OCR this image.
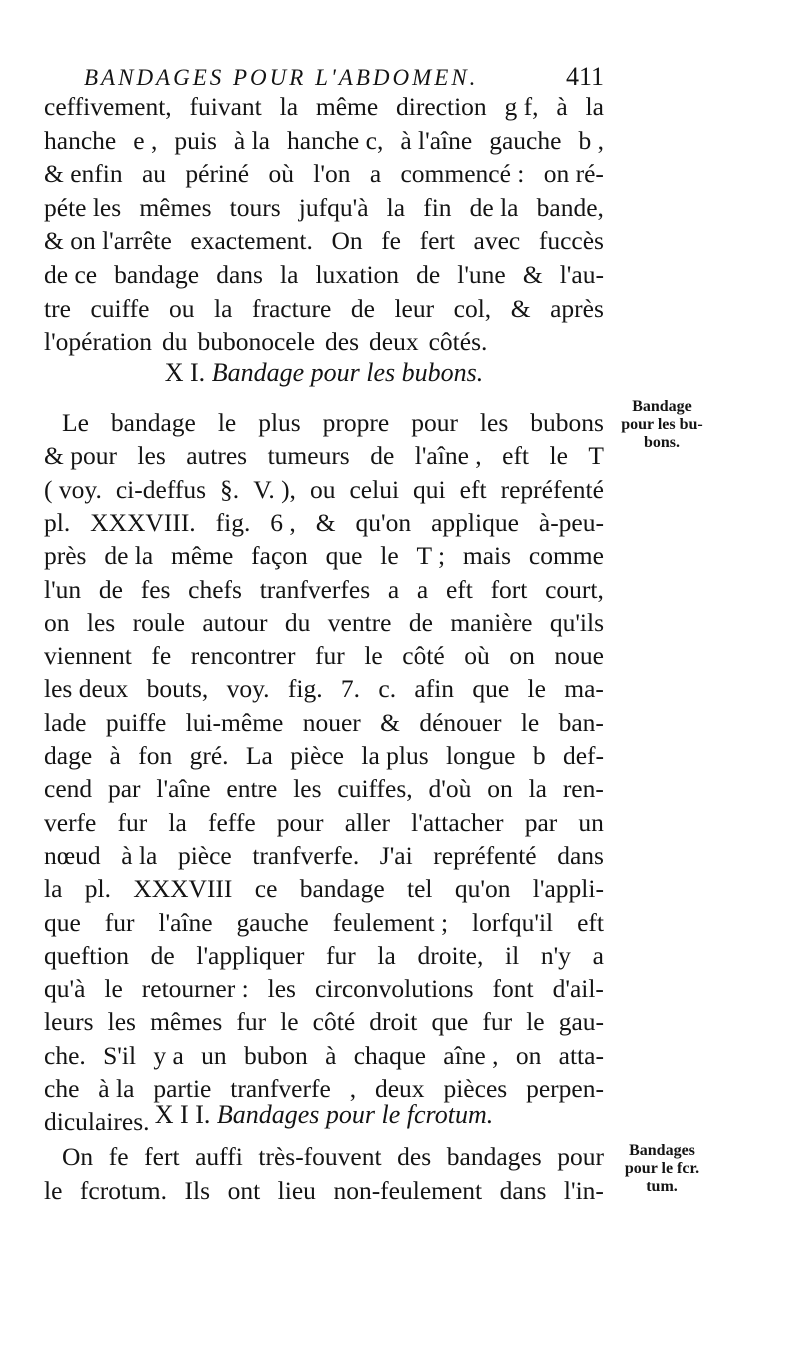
BANDAGES POUR L'ABDOMEN.	411
ceffivement, fuivant la même direction g f, à la
hanche e , puis à la hanche c, à l'aîne gauche b ,
& enfin au périné où l'on a commencé : on ré-
péte les mêmes tours jufqu'à la fin de la bande,
& on l'arrête exactement. On fe fert avec fuccès
de ce bandage dans la luxation de l'une & l'au-
tre cuiffe ou la fracture de leur col, & après
l'opération du bubonocele des deux côtés.
X I. Bandage pour les bubons.
Le bandage le plus propre pour les bubons
& pour les autres tumeurs de l'aîne , eft le T
( voy. ci-deffus §. V. ), ou celui qui eft repréfenté
pl. XXXVIII. fig. 6 , & qu'on applique à-peu-
près de la même façon que le T ; mais comme
l'un de fes chefs tranfverfes a a eft fort court,
on les roule autour du ventre de manière qu'ils
viennent fe rencontrer fur le côté où on noue
les deux bouts, voy. fig. 7. c. afin que le ma-
lade puiffe lui-même nouer & dénouer le ban-
dage à fon gré. La pièce la plus longue b def-
cend par l'aîne entre les cuiffes, d'où on la ren-
verfe fur la feffe pour aller l'attacher par un
nœud à la pièce tranfverfe. J'ai repréfenté dans
la pl. XXXVIII ce bandage tel qu'on l'appli-
que fur l'aîne gauche feulement ; lorfqu'il eft
queftion de l'appliquer fur la droite, il n'y a
qu'à le retourner : les circonvolutions font d'ail-
leurs les mêmes fur le côté droit que fur le gau-
che. S'il y a un bubon à chaque aîne , on atta-
che à la partie tranfverfe , deux pièces perpen-
diculaires. X I I. Bandages pour le fcrotum.
On fe fert auffi très-fouvent des bandages pour
le fcrotum. Ils ont lieu non-feulement dans l'in-
Bandage
pour les bu-
bons.
Bandages
pour le fcr.
tum.
